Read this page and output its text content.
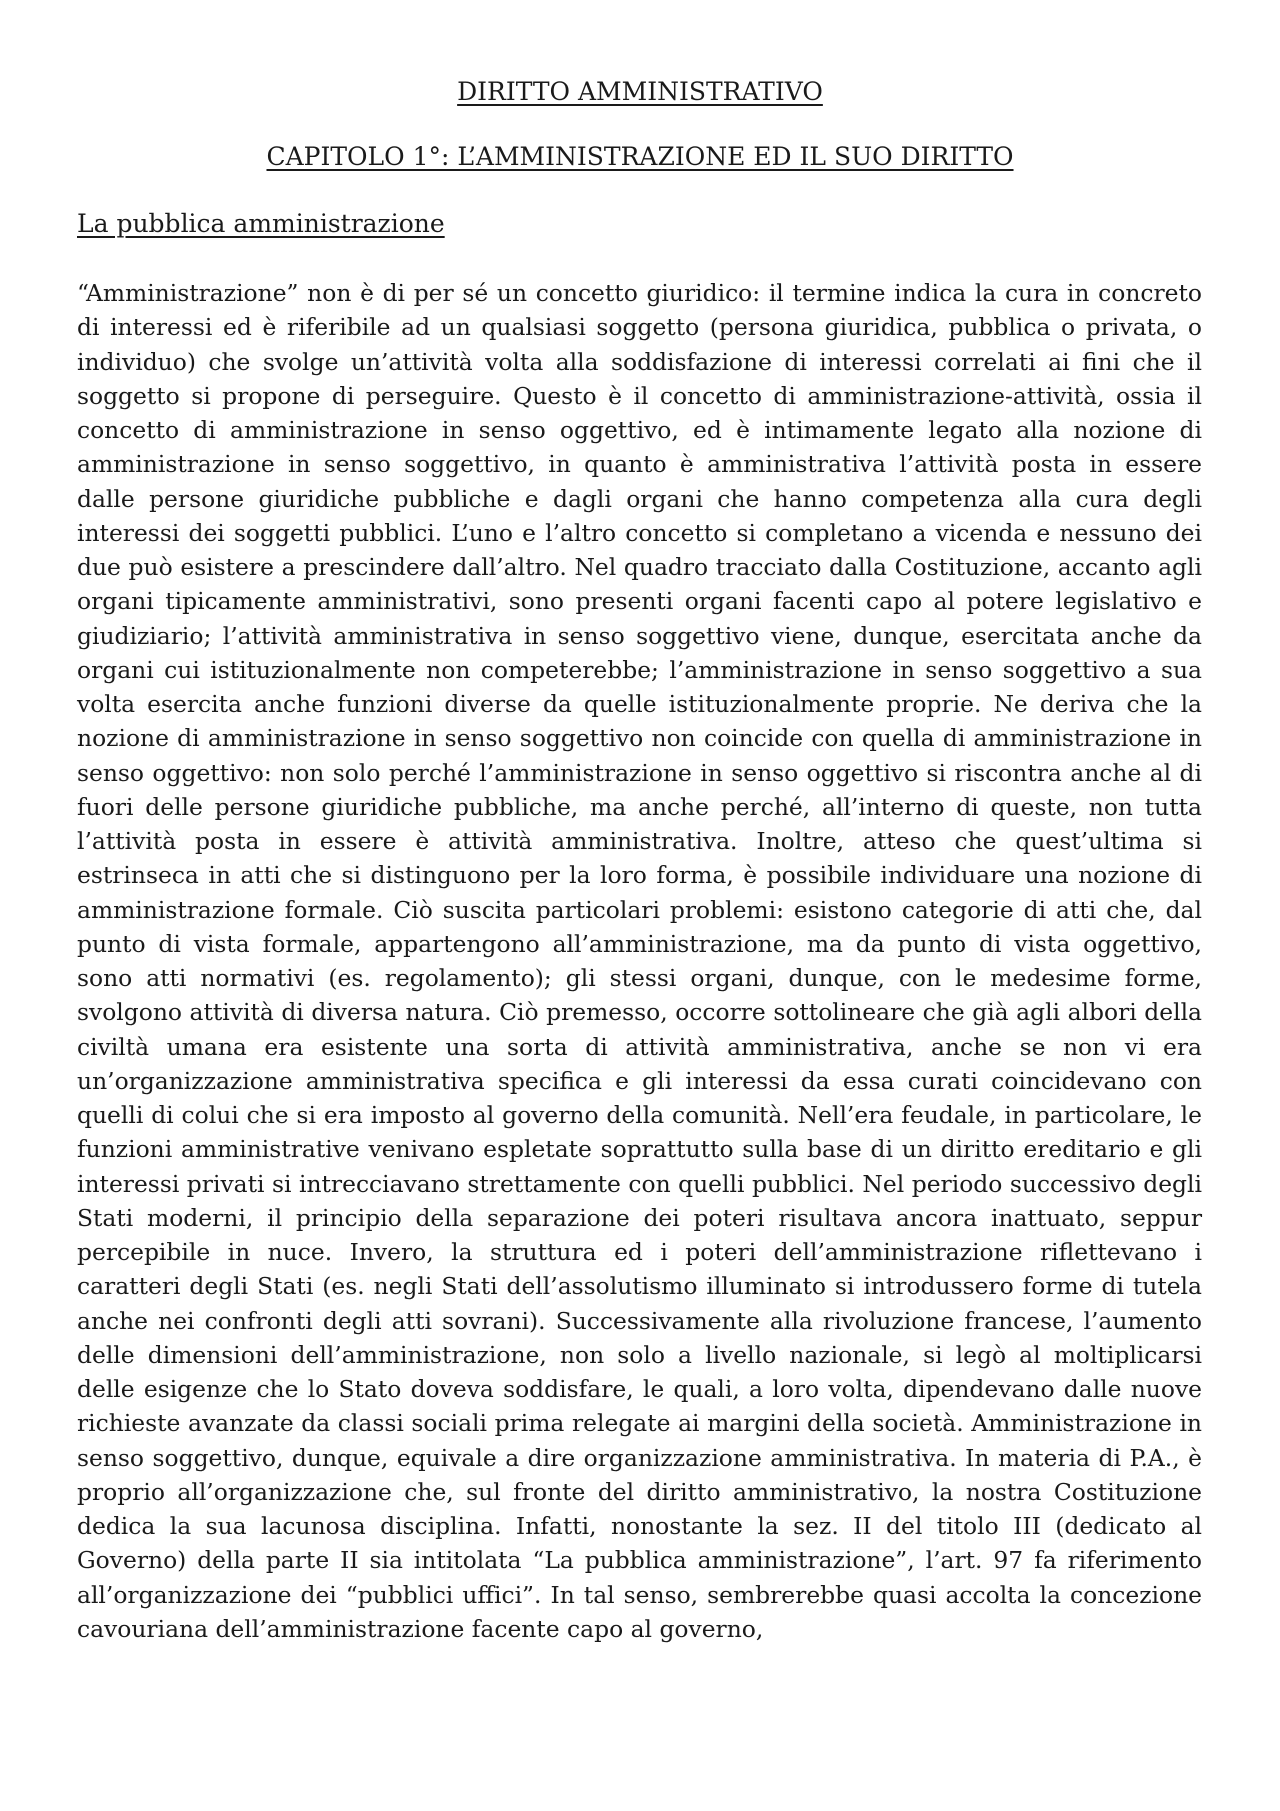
DIRITTO AMMINISTRATIVO
CAPITOLO 1°: L’AMMINISTRAZIONE ED IL SUO DIRITTO
La pubblica amministrazione

“Amministrazione” non è di per sé un concetto giuridico: il termine indica la cura in concreto di interessi ed è riferibile ad un qualsiasi soggetto (persona giuridica, pubblica o privata, o individuo) che svolge un’attività volta alla soddisfazione di interessi correlati ai fini che il soggetto si propone di perseguire. Questo è il concetto di amministrazione-attività, ossia il concetto di amministrazione in senso oggettivo, ed è intimamente legato alla nozione di amministrazione in senso soggettivo, in quanto è amministrativa l’attività posta in essere dalle persone giuridiche pubbliche e dagli organi che hanno competenza alla cura degli interessi dei soggetti pubblici. L’uno e l’altro concetto si completano a vicenda e nessuno dei due può esistere a prescindere dall’altro. Nel quadro tracciato dalla Costituzione, accanto agli organi tipicamente amministrativi, sono presenti organi facenti capo al potere legislativo e giudiziario; l’attività amministrativa in senso soggettivo viene, dunque, esercitata anche da organi cui istituzionalmente non competerebbe; l’amministrazione in senso soggettivo a sua volta esercita anche funzioni diverse da quelle istituzionalmente proprie. Ne deriva che la nozione di amministrazione in senso soggettivo non coincide con quella di amministrazione in senso oggettivo: non solo perché l’amministrazione in senso oggettivo si riscontra anche al di fuori delle persone giuridiche pubbliche, ma anche perché, all’interno di queste, non tutta l’attività posta in essere è attività amministrativa. Inoltre, atteso che quest’ultima si estrinseca in atti che si distinguono per la loro forma, è possibile individuare una nozione di amministrazione formale. Ciò suscita particolari problemi: esistono categorie di atti che, dal punto di vista formale, appartengono all’amministrazione, ma da punto di vista oggettivo, sono atti normativi (es. regolamento); gli stessi organi, dunque, con le medesime forme, svolgono attività di diversa natura. Ciò premesso, occorre sottolineare che già agli albori della civiltà umana era esistente una sorta di attività amministrativa, anche se non vi era un’organizzazione amministrativa specifica e gli interessi da essa curati coincidevano con quelli di colui che si era imposto al governo della comunità. Nell’era feudale, in particolare, le funzioni amministrative venivano espletate soprattutto sulla base di un diritto ereditario e gli interessi privati si intrecciavano strettamente con quelli pubblici. Nel periodo successivo degli Stati moderni, il principio della separazione dei poteri risultava ancora inattuato, seppur percepibile in nuce. Invero, la struttura ed i poteri dell’amministrazione riflettevano i caratteri degli Stati (es. negli Stati dell’assolutismo illuminato si introdussero forme di tutela anche nei confronti degli atti sovrani). Successivamente alla rivoluzione francese, l’aumento delle dimensioni dell’amministrazione, non solo a livello nazionale, si legò al moltiplicarsi delle esigenze che lo Stato doveva soddisfare, le quali, a loro volta, dipendevano dalle nuove richieste avanzate da classi sociali prima relegate ai margini della società. Amministrazione in senso soggettivo, dunque, equivale a dire organizzazione amministrativa. In materia di P.A., è proprio all’organizzazione che, sul fronte del diritto amministrativo, la nostra Costituzione dedica la sua lacunosa disciplina. Infatti, nonostante la sez. II del titolo III (dedicato al Governo) della parte II sia intitolata “La pubblica amministrazione”, l’art. 97 fa riferimento all’organizzazione dei “pubblici uffici”. In tal senso, sembrerebbe quasi accolta la concezione cavouriana dell’amministrazione facente capo al governo,
